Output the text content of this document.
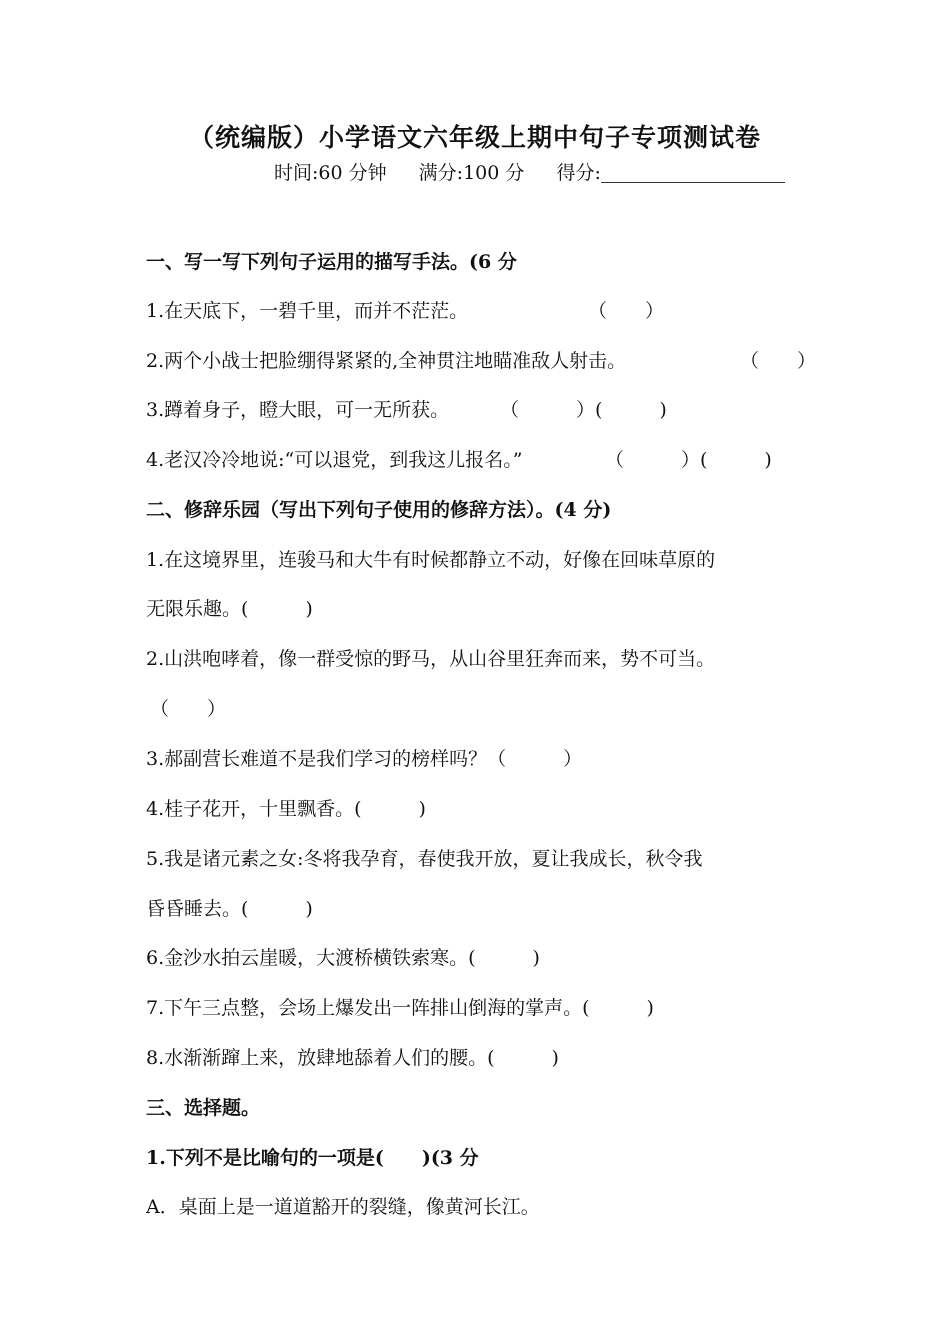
（统编版）小学语文六年级上期中句子专项测试卷
时间:60 分钟 满分:100 分 得分:
一、写一写下列句子运用的描写手法。(6 分
1.在天底下，一碧千里，而并不茫茫。	（　　）
2.两个小战士把脸绷得紧紧的,全神贯注地瞄准敌人射击。	（　　）
3.蹲着身子，瞪大眼，可一无所获。	（　　　）(　　　)
4.老汉冷冷地说:“可以退党，到我这儿报名。”	（　　　）(　　　)
二、修辞乐园（写出下列句子使用的修辞方法）。(4 分)
1.在这境界里，连骏马和大牛有时候都静立不动，好像在回味草原的
无限乐趣。(　　　)
2.山洪咆哮着，像一群受惊的野马，从山谷里狂奔而来，势不可当。
（　　）
3.郝副营长难道不是我们学习的榜样吗？（　　　）
4.桂子花开，十里飘香。(　　　)
5.我是诸元素之女:冬将我孕育，春使我开放，夏让我成长，秋令我
昏昏睡去。(　　　)
6.金沙水拍云崖暖，大渡桥横铁索寒。(　　　)
7.下午三点整，会场上爆发出一阵排山倒海的掌声。(　　　)
8.水渐渐蹿上来，放肆地舔着人们的腰。(　　　)
三、选择题。
1.下列不是比喻句的一项是(　　)(3 分
A．桌面上是一道道豁开的裂缝，像黄河长江。
